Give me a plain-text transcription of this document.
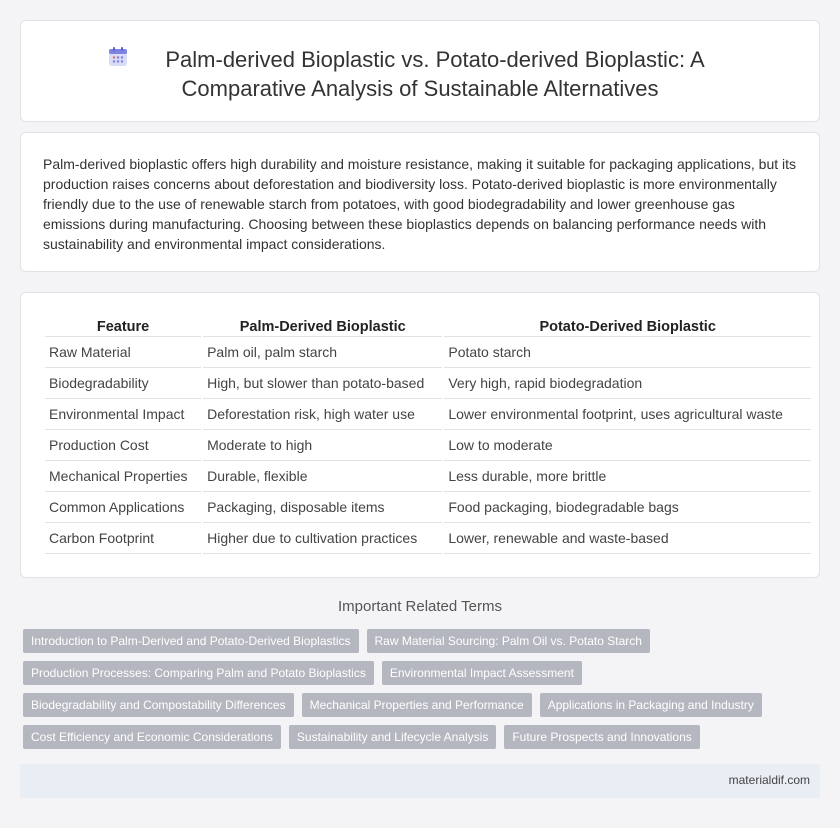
Palm-derived Bioplastic vs. Potato-derived Bioplastic: A
Comparative Analysis of Sustainable Alternatives

Palm-derived bioplastic offers high durability and moisture resistance, making it suitable for packaging applications, but its production raises concerns about deforestation and biodiversity loss. Potato-derived bioplastic is more environmentally friendly due to the use of renewable starch from potatoes, with good biodegradability and lower greenhouse gas emissions during manufacturing. Choosing between these bioplastics depends on balancing performance needs with sustainability and environmental impact considerations.

Feature	Palm-Derived Bioplastic	Potato-Derived Bioplastic
Raw Material	Palm oil, palm starch	Potato starch
Biodegradability	High, but slower than potato-based	Very high, rapid biodegradation
Environmental Impact	Deforestation risk, high water use	Lower environmental footprint, uses agricultural waste
Production Cost	Moderate to high	Low to moderate
Mechanical Properties	Durable, flexible	Less durable, more brittle
Common Applications	Packaging, disposable items	Food packaging, biodegradable bags
Carbon Footprint	Higher due to cultivation practices	Lower, renewable and waste-based
Important Related Terms
Introduction to Palm-Derived and Potato-Derived Bioplastics	Raw Material Sourcing: Palm Oil vs. Potato Starch
Production Processes: Comparing Palm and Potato Bioplastics	Environmental Impact Assessment
Biodegradability and Compostability Differences	Mechanical Properties and Performance	Applications in Packaging and Industry
Cost Efficiency and Economic Considerations	Sustainability and Lifecycle Analysis	Future Prospects and Innovations
materialdif.com
